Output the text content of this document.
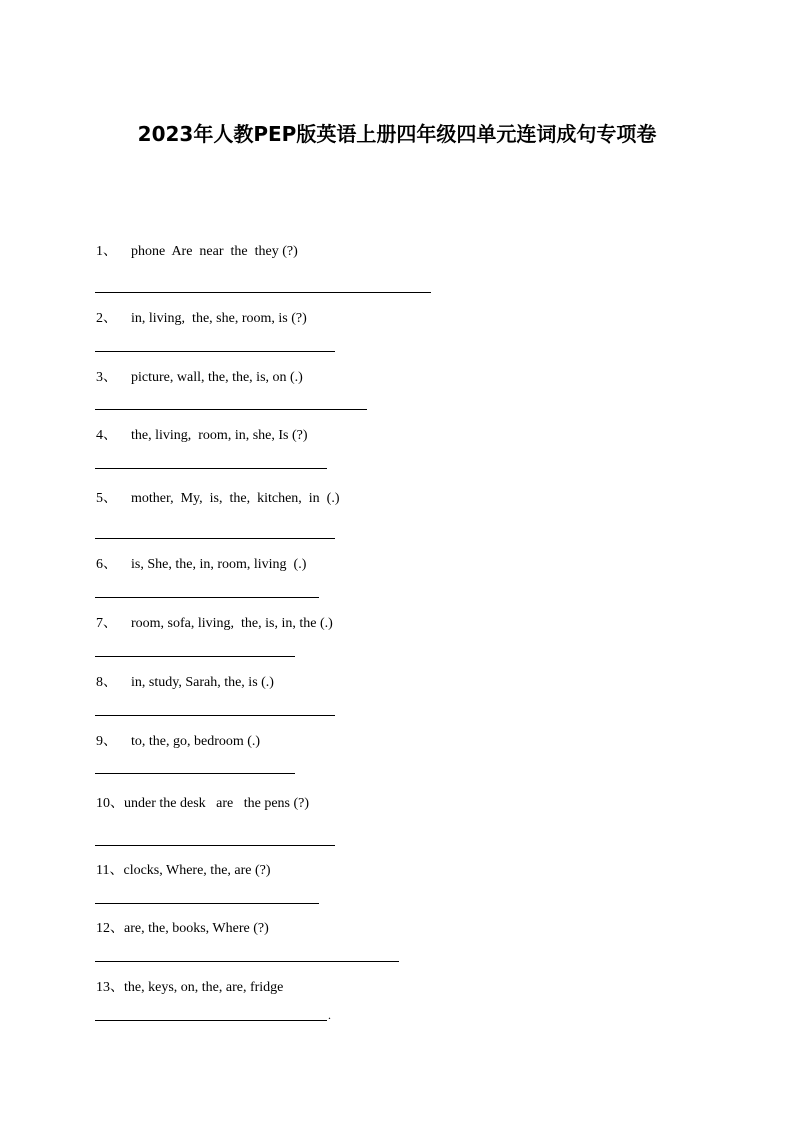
2023年人教PEP版英语上册四年级四单元连词成句专项卷
1、 phone  Are  near  the  they (?)
2、 in, living,  the, she, room, is (?)
3、 picture, wall, the, the, is, on (.)
4、 the, living,  room, in, she, Is (?)
5、 mother,  My,  is,  the,  kitchen,  in  (.)
6、 is, She, the, in, room, living  (.)
7、 room, sofa, living,  the, is, in, the (.)
8、 in, study, Sarah, the, is (.)
9、 to, the, go, bedroom (.)
10、under the desk   are   the pens (?)
11、clocks, Where, the, are (?)
12、are, the, books, Where (?)
13、the, keys, on, the, are, fridge
.
